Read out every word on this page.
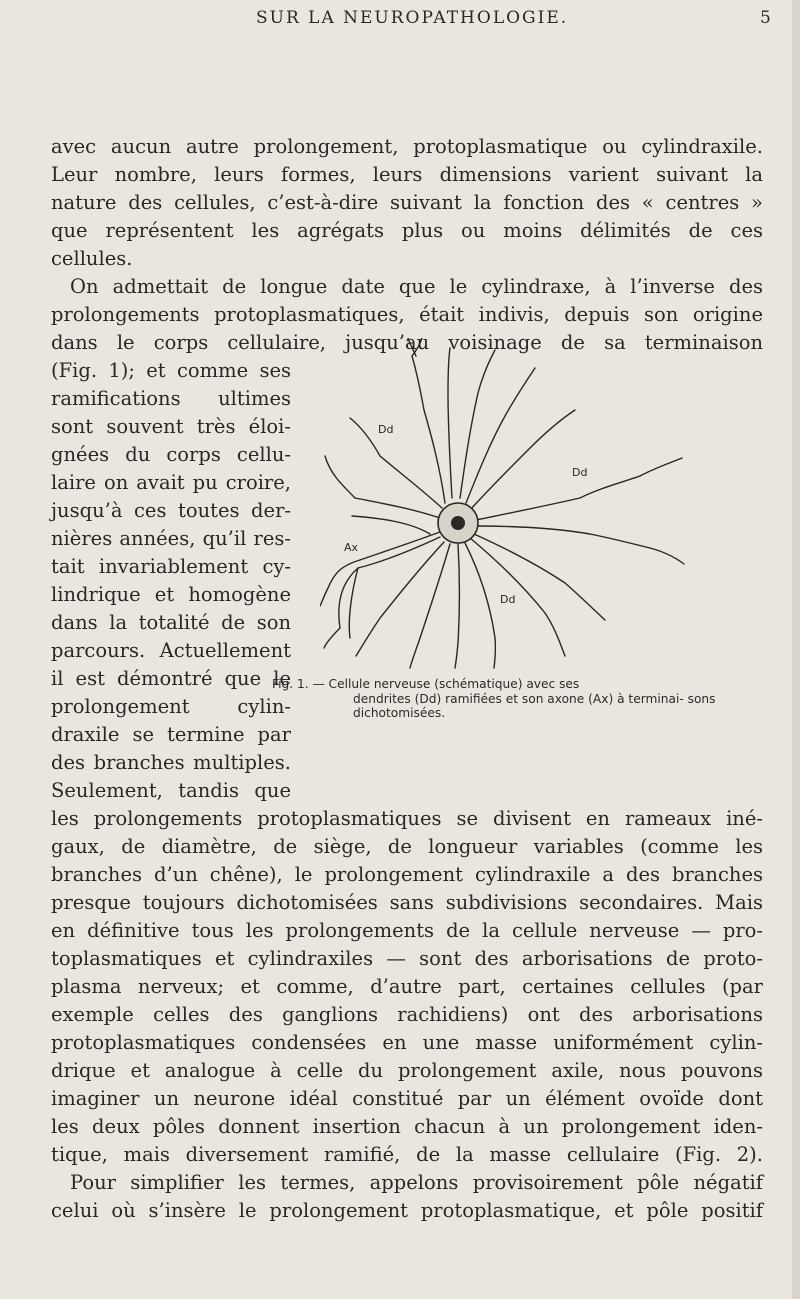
SUR LA NEUROPATHOLOGIE.	5
avec aucun autre prolongement, protoplasmatique ou cylindraxile.
Leur nombre, leurs formes, leurs dimensions varient suivant la
nature des cellules, c’est-à-dire suivant la fonction des « centres »
que représentent les agrégats plus ou moins délimités de ces
cellules.
On admettait de longue date que le cylindraxe, à l’inverse des
prolongements protoplasmatiques, était indivis, depuis son origine
dans le corps cellulaire, jusqu’au voisinage de sa terminaison
(Fig. 1); et comme ses
ramifications ultimes
sont souvent très éloi-
gnées du corps cellu-
laire on avait pu croire,
jusqu’à ces toutes der-
nières années, qu’il res-
tait invariablement cy-
lindrique et homogène
dans la totalité de son
parcours. Actuellement
il est démontré que le
prolongement cylin-
draxile se termine par
des branches multiples.
Seulement, tandis que
les prolongements protoplasmatiques se divisent en rameaux iné-
gaux, de diamètre, de siège, de longueur variables (comme les
branches d’un chêne), le prolongement cylindraxile a des branches
presque toujours dichotomisées sans subdivisions secondaires. Mais
en définitive tous les prolongements de la cellule nerveuse — pro-
toplasmatiques et cylindraxiles — sont des arborisations de proto-
plasma nerveux; et comme, d’autre part, certaines cellules (par
exemple celles des ganglions rachidiens) ont des arborisations
protoplasmatiques condensées en une masse uniformément cylin-
drique et analogue à celle du prolongement axile, nous pouvons
imaginer un neurone idéal constitué par un élément ovoïde dont
les deux pôles donnent insertion chacun à un prolongement iden-
tique, mais diversement ramifié, de la masse cellulaire (Fig. 2).
Pour simplifier les termes, appelons provisoirement pôle négatif
celui où s’insère le prolongement protoplasmatique, et pôle positif
Dd
Dd
Ax
Dd
Fig. 1. — Cellule nerveuse (schématique) avec ses
dendrites (Dd) ramifiées et son axone (Ax) à terminai- sons dichotomisées.
